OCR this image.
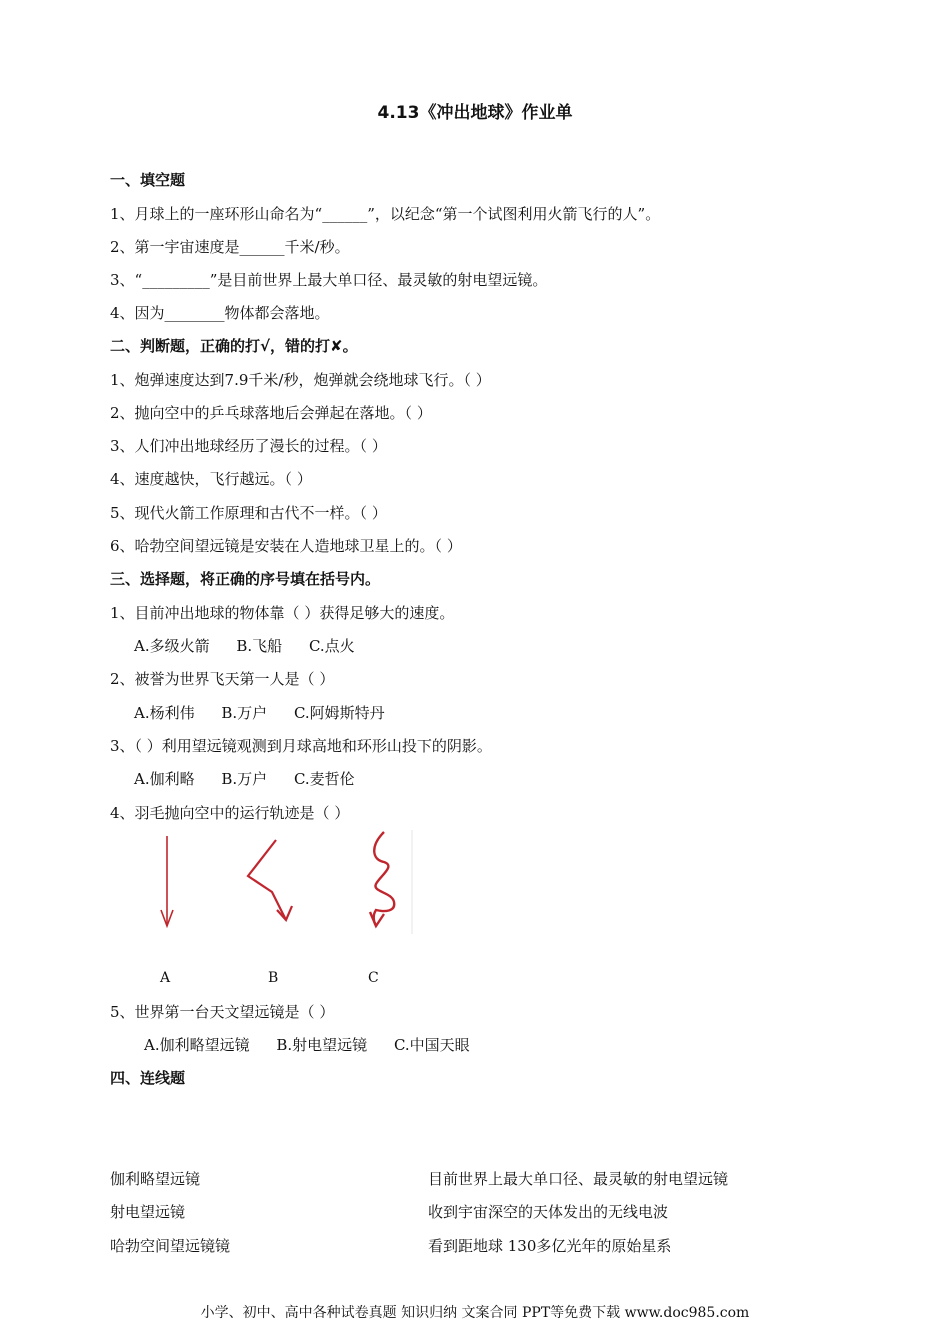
4.13《冲出地球》作业单
一、填空题
1、月球上的一座环形山命名为“______”，以纪念“第一个试图利用火箭飞行的人”。
2、第一宇宙速度是______千米/秒。
3、“_________”是目前世界上最大单口径、最灵敏的射电望远镜。
4、因为________物体都会落地。
二、判断题，正确的打√，错的打✘。
1、炮弹速度达到7.9千米/秒，炮弹就会绕地球飞行。（ ）
2、抛向空中的乒乓球落地后会弹起在落地。（ ）
3、人们冲出地球经历了漫长的过程。（ ）
4、速度越快，飞行越远。（ ）
5、现代火箭工作原理和古代不一样。（ ）
6、哈勃空间望远镜是安装在人造地球卫星上的。（ ）
三、选择题，将正确的序号填在括号内。
1、目前冲出地球的物体靠（ ）获得足够大的速度。
A.多级火箭 B.飞船 C.点火
2、被誉为世界飞天第一人是（ ）
A.杨利伟 B.万户 C.阿姆斯特丹
3、（ ）利用望远镜观测到月球高地和环形山投下的阴影。
A.伽利略 B.万户 C.麦哲伦
4、羽毛抛向空中的运行轨迹是（ ）
A	B	C
5、世界第一台天文望远镜是（ ）
A.伽利略望远镜 B.射电望远镜 C.中国天眼
四、连线题
伽利略望远镜
射电望远镜
哈勃空间望远镜镜
目前世界上最大单口径、最灵敏的射电望远镜
收到宇宙深空的天体发出的无线电波
看到距地球 130多亿光年的原始星系
小学、初中、高中各种试卷真题 知识归纳 文案合同 PPT等免费下载 www.doc985.com
